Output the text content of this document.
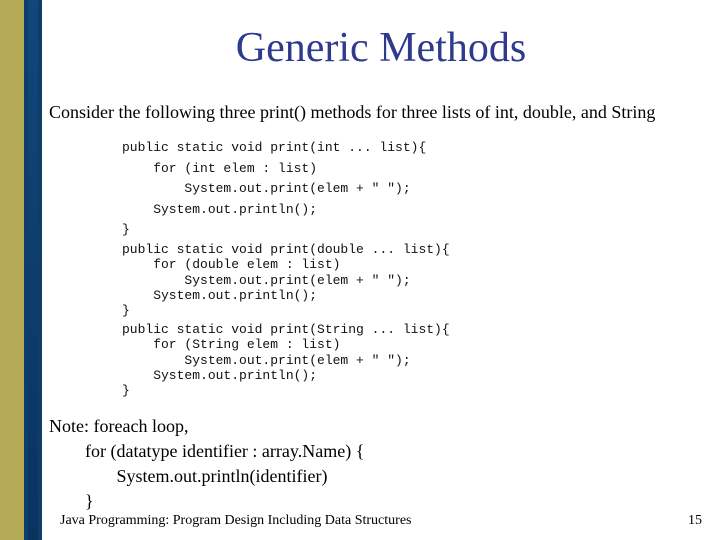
Generic Methods
Consider the following three print() methods for three lists of int, double, and String
public static void print(int ... list){
for (int elem : list)
System.out.print(elem + " ");
System.out.println();
}
public static void print(double ... list){
for (double elem : list)
System.out.print(elem + " ");
System.out.println();
}
public static void print(String ... list){
for (String elem : list)
System.out.print(elem + " ");
System.out.println();
}
Note: foreach loop,
for (datatype identifier : array.Name) {
System.out.println(identifier)
}
Java Programming: Program Design Including Data Structures	15
